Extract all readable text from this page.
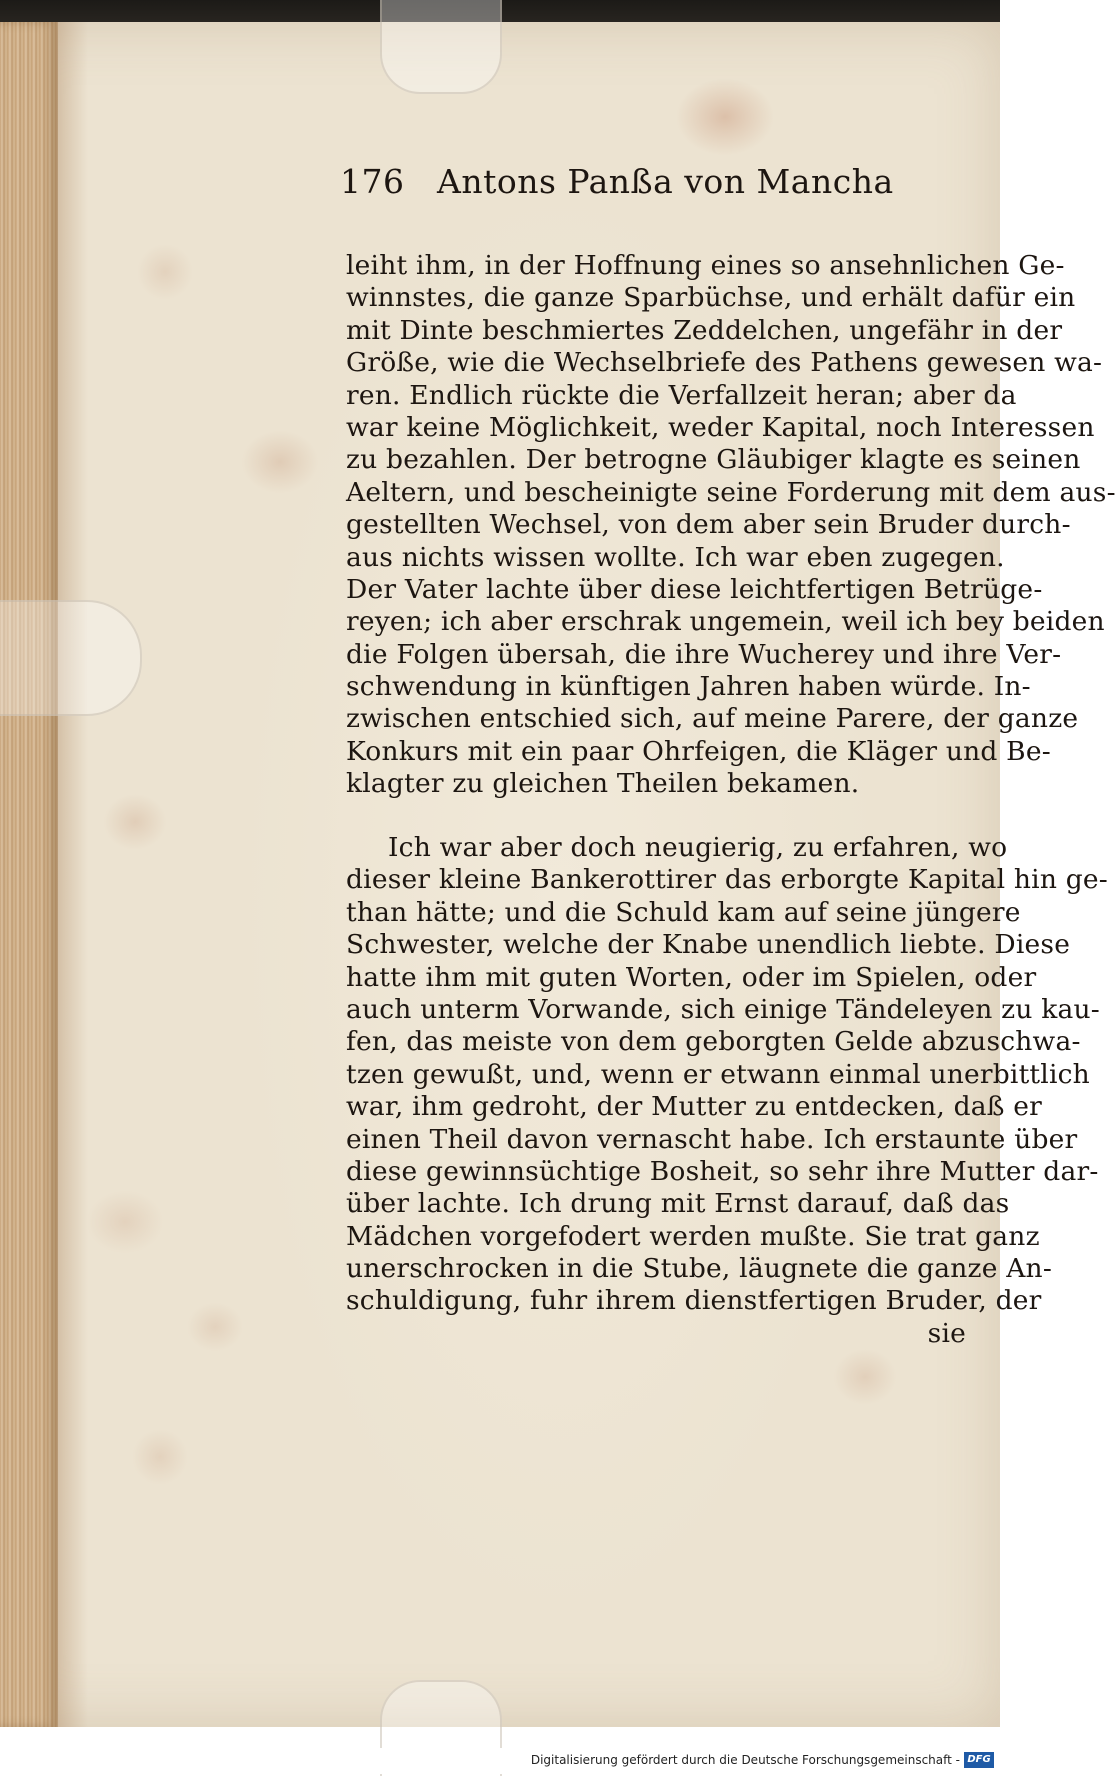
176 Antons Panßa von Mancha
leiht ihm, in der Hoffnung eines so ansehnlichen Ge-
winnstes, die ganze Sparbüchse, und erhält dafür ein
mit Dinte beschmiertes Zeddelchen, ungefähr in der
Größe, wie die Wechselbriefe des Pathens gewesen wa-
ren. Endlich rückte die Verfallzeit heran; aber da
war keine Möglichkeit, weder Kapital, noch Interessen
zu bezahlen. Der betrogne Gläubiger klagte es seinen
Aeltern, und bescheinigte seine Forderung mit dem aus-
gestellten Wechsel, von dem aber sein Bruder durch-
aus nichts wissen wollte. Ich war eben zugegen.
Der Vater lachte über diese leichtfertigen Betrüge-
reyen; ich aber erschrak ungemein, weil ich bey beiden
die Folgen übersah, die ihre Wucherey und ihre Ver-
schwendung in künftigen Jahren haben würde. In-
zwischen entschied sich, auf meine Parere, der ganze
Konkurs mit ein paar Ohrfeigen, die Kläger und Be-
klagter zu gleichen Theilen bekamen.
Ich war aber doch neugierig, zu erfahren, wo
dieser kleine Bankerottirer das erborgte Kapital hin ge-
than hätte; und die Schuld kam auf seine jüngere
Schwester, welche der Knabe unendlich liebte. Diese
hatte ihm mit guten Worten, oder im Spielen, oder
auch unterm Vorwande, sich einige Tändeleyen zu kau-
fen, das meiste von dem geborgten Gelde abzuschwa-
tzen gewußt, und, wenn er etwann einmal unerbittlich
war, ihm gedroht, der Mutter zu entdecken, daß er
einen Theil davon vernascht habe. Ich erstaunte über
diese gewinnsüchtige Bosheit, so sehr ihre Mutter dar-
über lachte. Ich drung mit Ernst darauf, daß das
Mädchen vorgefodert werden mußte. Sie trat ganz
unerschrocken in die Stube, läugnete die ganze An-
schuldigung, fuhr ihrem dienstfertigen Bruder, der
sie
Digitalisierung gefördert durch die Deutsche Forschungsgemeinschaft - DFG
